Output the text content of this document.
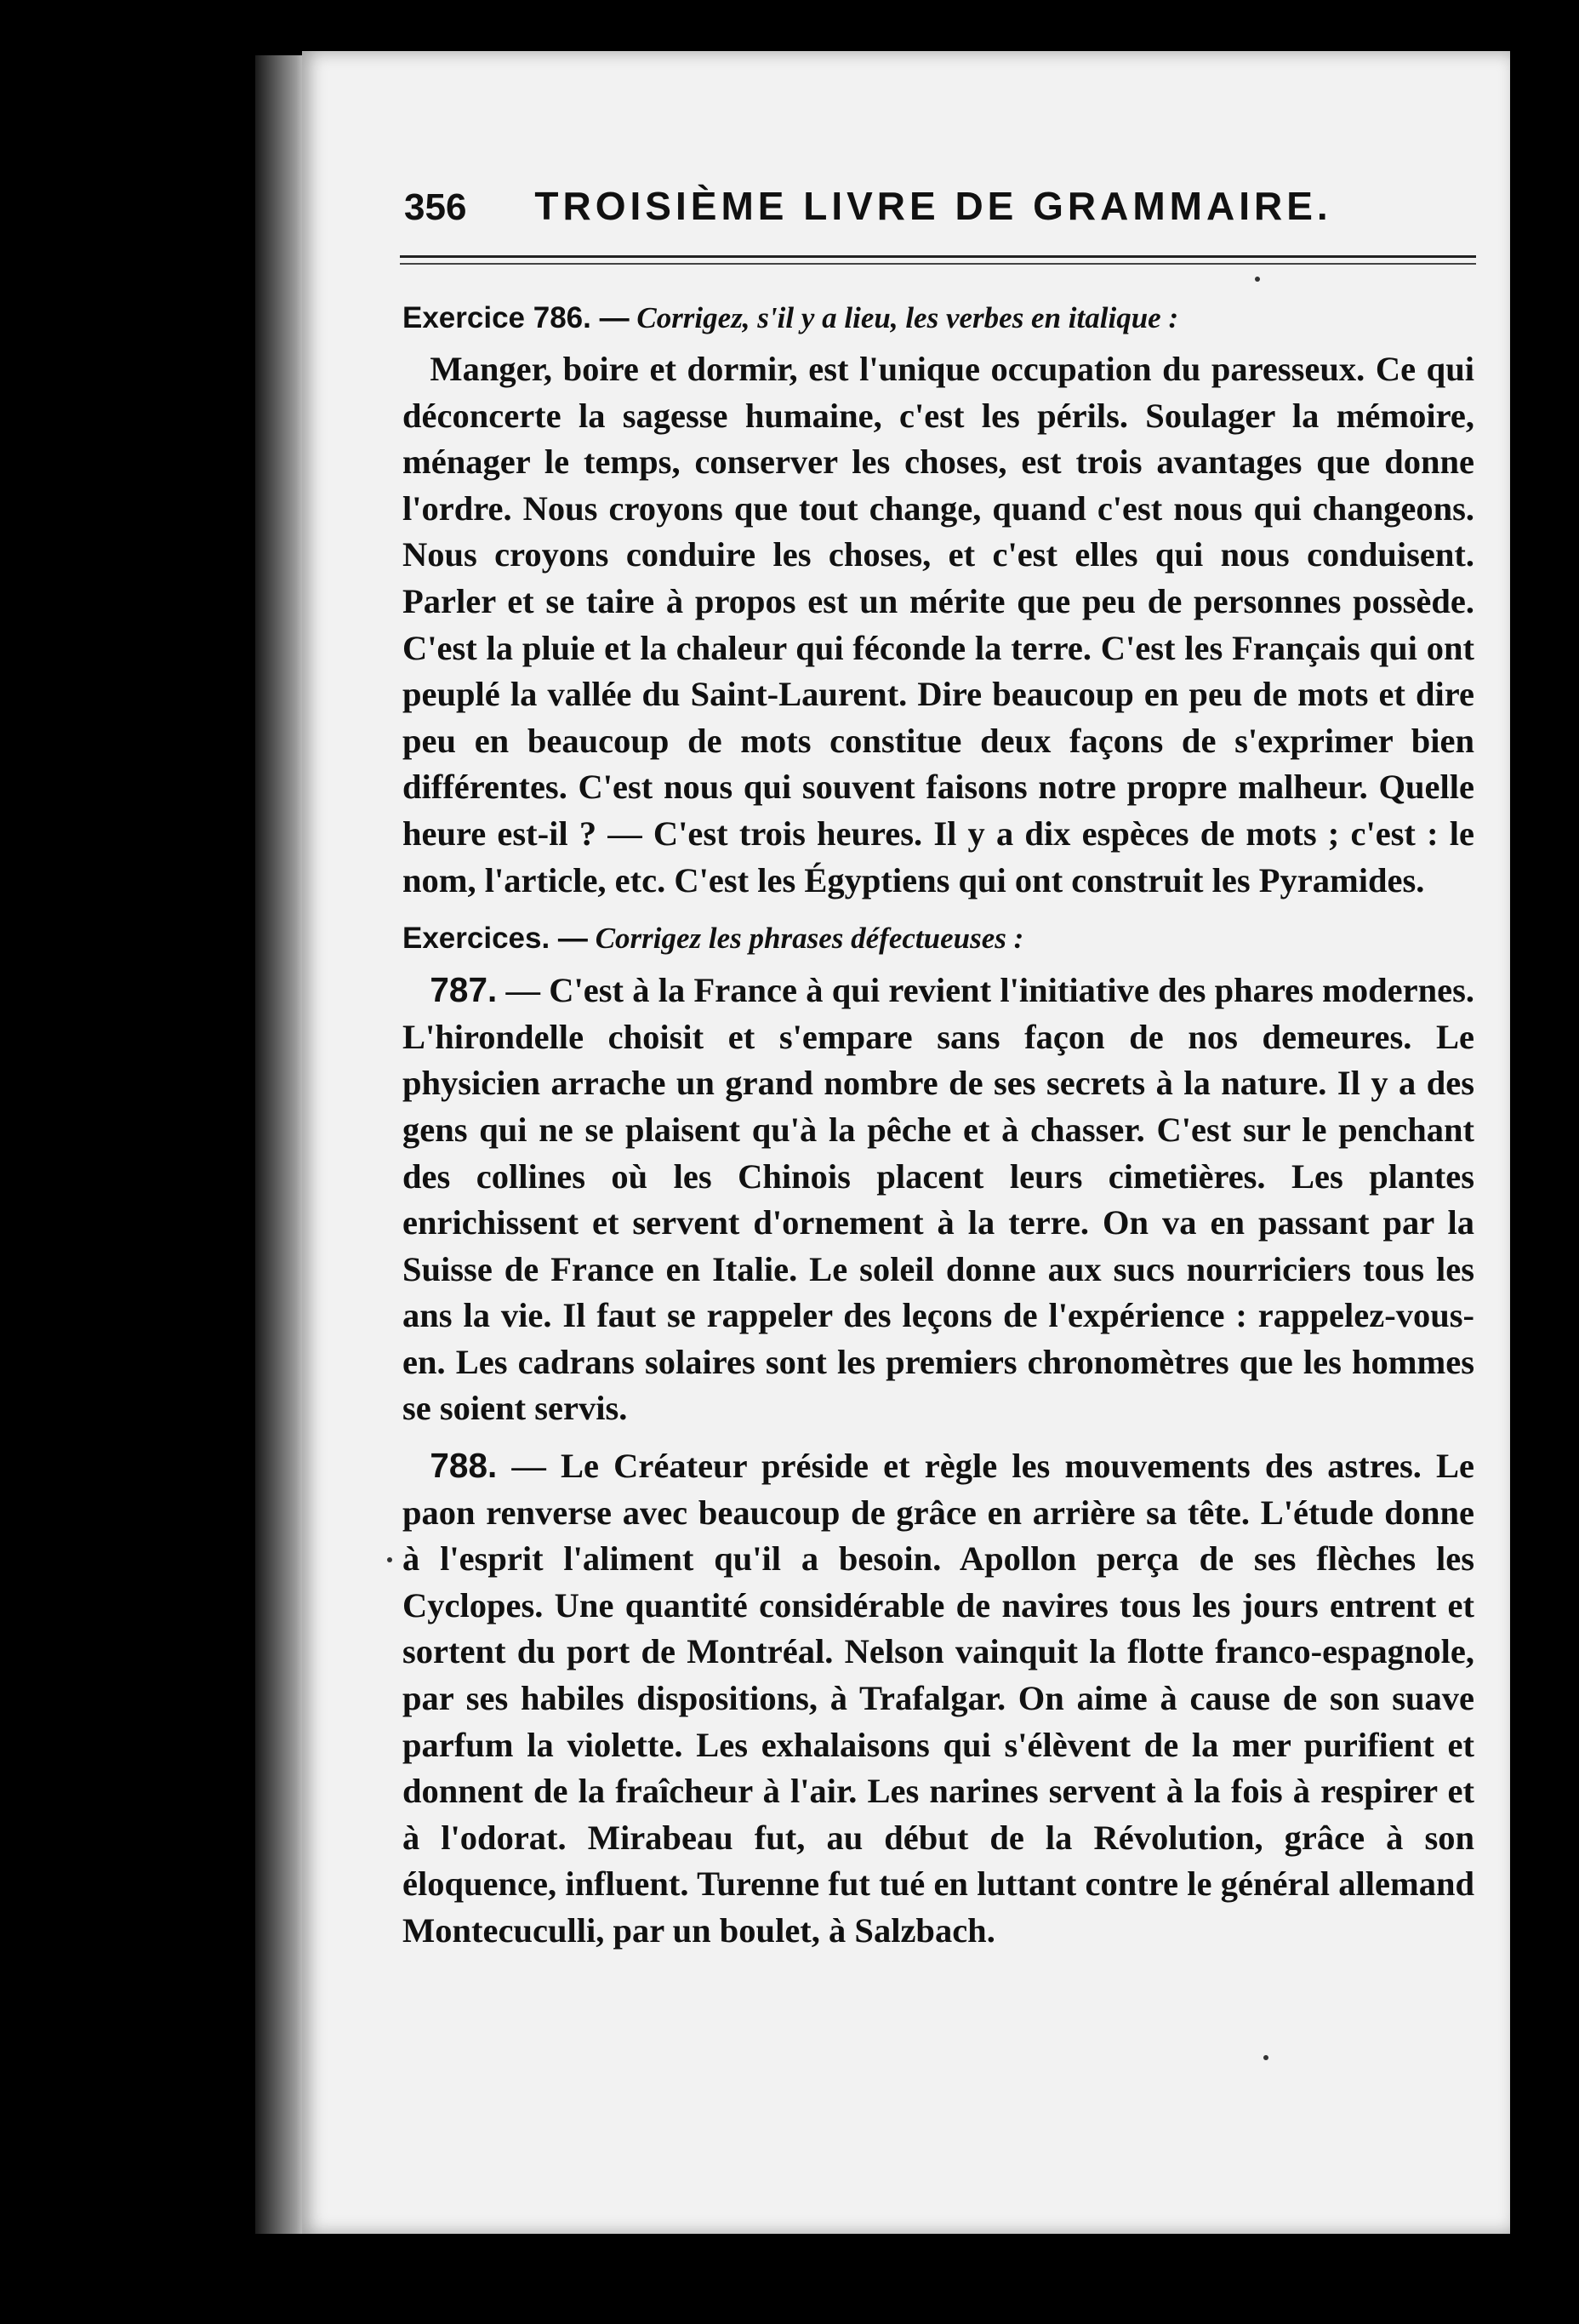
356 TROISIÈME LIVRE DE GRAMMAIRE.

Exercice 786. — Corrigez, s'il y a lieu, les verbes en italique :

Manger, boire et dormir, est l'unique occupation du paresseux. Ce qui déconcerte la sagesse humaine, c'est les périls. Soulager la mémoire, ménager le temps, conserver les choses, est trois avantages que donne l'ordre. Nous croyons que tout change, quand c'est nous qui changeons. Nous croyons conduire les choses, et c'est elles qui nous conduisent. Parler et se taire à propos est un mérite que peu de personnes possède. C'est la pluie et la chaleur qui féconde la terre. C'est les Français qui ont peuplé la vallée du Saint-Laurent. Dire beaucoup en peu de mots et dire peu en beaucoup de mots constitue deux façons de s'exprimer bien différentes. C'est nous qui souvent faisons notre propre malheur. Quelle heure est-il ? — C'est trois heures. Il y a dix espèces de mots ; c'est : le nom, l'article, etc. C'est les Égyptiens qui ont construit les Pyramides.

Exercices. — Corrigez les phrases défectueuses :

787. — C'est à la France à qui revient l'initiative des phares modernes. L'hirondelle choisit et s'empare sans façon de nos demeures. Le physicien arrache un grand nombre de ses secrets à la nature. Il y a des gens qui ne se plaisent qu'à la pêche et à chasser. C'est sur le penchant des collines où les Chinois placent leurs cimetières. Les plantes enrichissent et servent d'ornement à la terre. On va en passant par la Suisse de France en Italie. Le soleil donne aux sucs nourriciers tous les ans la vie. Il faut se rappeler des leçons de l'expérience : rappelez-vous-en. Les cadrans solaires sont les premiers chronomètres que les hommes se soient servis.

788. — Le Créateur préside et règle les mouvements des astres. Le paon renverse avec beaucoup de grâce en arrière sa tête. L'étude donne à l'esprit l'aliment qu'il a besoin. Apollon perça de ses flèches les Cyclopes. Une quantité considérable de navires tous les jours entrent et sortent du port de Montréal. Nelson vainquit la flotte franco-espagnole, par ses habiles dispositions, à Trafalgar. On aime à cause de son suave parfum la violette. Les exhalaisons qui s'élèvent de la mer purifient et donnent de la fraîcheur à l'air. Les narines servent à la fois à respirer et à l'odorat. Mirabeau fut, au début de la Révolution, grâce à son éloquence, influent. Turenne fut tué en luttant contre le général allemand Montecuculli, par un boulet, à Salzbach.
